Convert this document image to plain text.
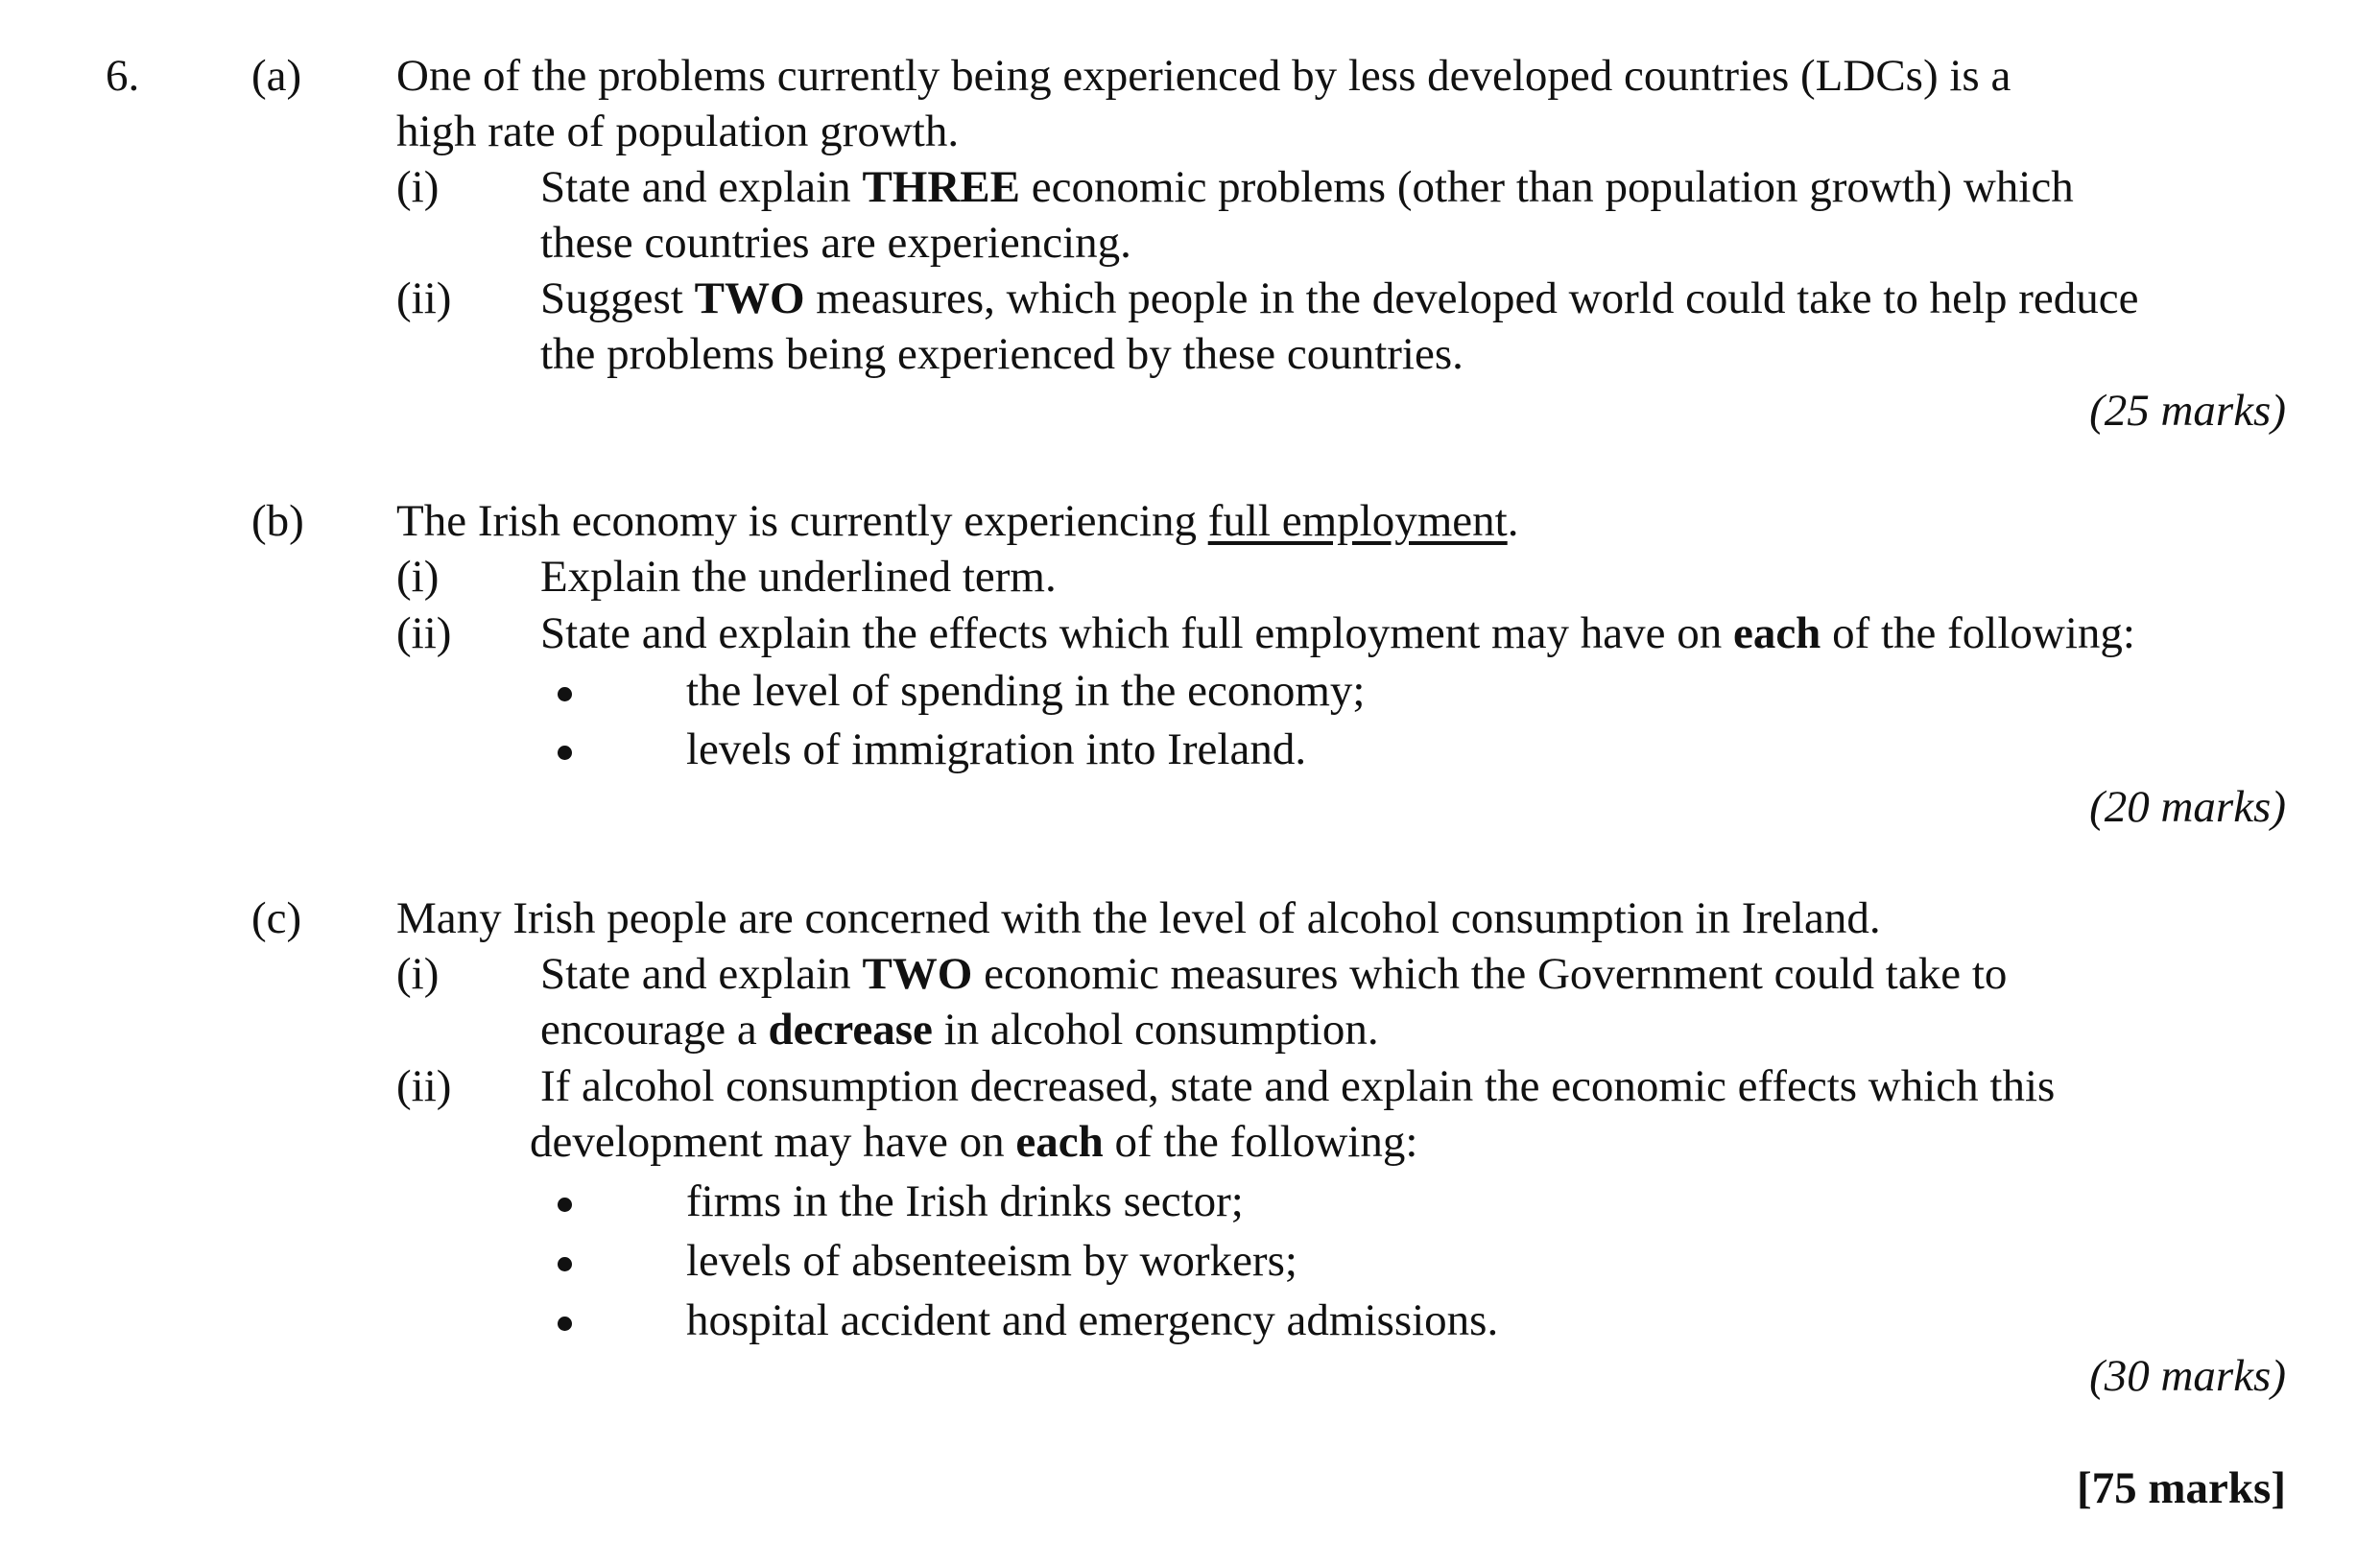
6. (a) One of the problems currently being experienced by less developed countries (LDCs) is a
high rate of population growth.
(i) State and explain THREE economic problems (other than population growth) which
these countries are experiencing.
(ii) Suggest TWO measures, which people in the developed world could take to help reduce
the problems being experienced by these countries.
(25 marks)
(b) The Irish economy is currently experiencing full employment.
(i) Explain the underlined term.
(ii) State and explain the effects which full employment may have on each of the following:
the level of spending in the economy;
levels of immigration into Ireland.
(20 marks)
(c) Many Irish people are concerned with the level of alcohol consumption in Ireland.
(i) State and explain TWO economic measures which the Government could take to
encourage a decrease in alcohol consumption.
(ii) If alcohol consumption decreased, state and explain the economic effects which this
development may have on each of the following:
firms in the Irish drinks sector;
levels of absenteeism by workers;
hospital accident and emergency admissions.
(30 marks)
[75 marks]
